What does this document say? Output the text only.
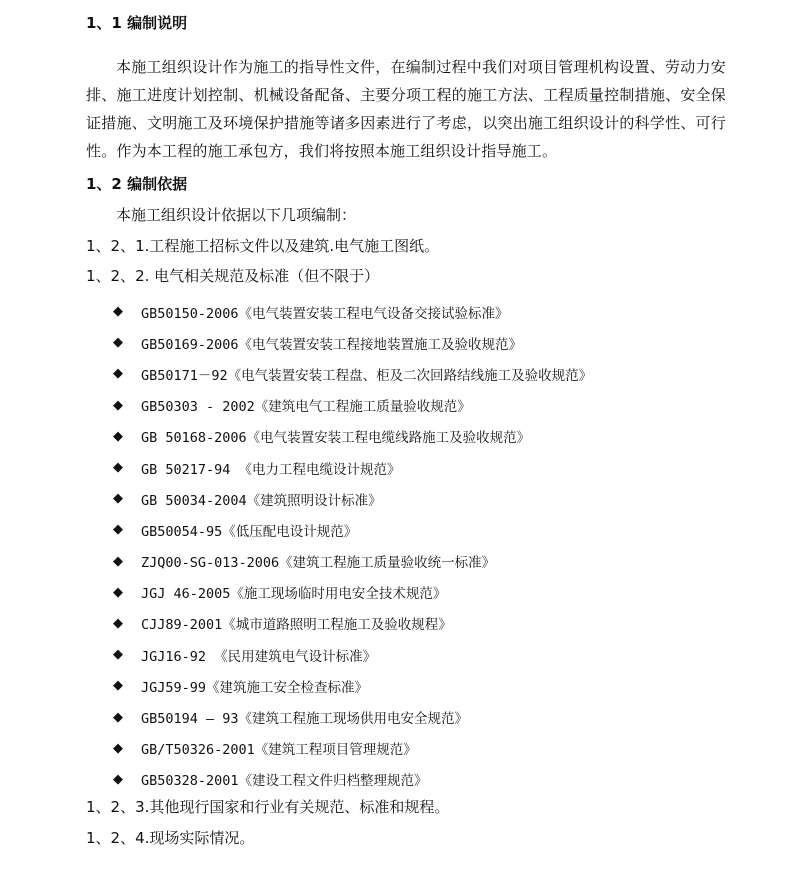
1、1 编制说明
本施工组织设计作为施工的指导性文件，在编制过程中我们对项目管理机构设置、劳动力安排、施工进度计划控制、机械设备配备、主要分项工程的施工方法、工程质量控制措施、安全保证措施、文明施工及环境保护措施等诸多因素进行了考虑，以突出施工组织设计的科学性、可行性。作为本工程的施工承包方，我们将按照本施工组织设计指导施工。
1、2 编制依据
本施工组织设计依据以下几项编制：
1、2、1.工程施工招标文件以及建筑.电气施工图纸。
1、2、2. 电气相关规范及标准（但不限于）
◆	GB50150-2006《电气装置安装工程电气设备交接试验标准》
◆	GB50169-2006《电气装置安装工程接地装置施工及验收规范》
◆	GB50171－92《电气装置安装工程盘、柜及二次回路结线施工及验收规范》
◆	GB50303 - 2002《建筑电气工程施工质量验收规范》
◆	GB 50168-2006《电气装置安装工程电缆线路施工及验收规范》
◆	GB 50217-94 《电力工程电缆设计规范》
◆	GB 50034-2004《建筑照明设计标准》
◆	GB50054-95《低压配电设计规范》
◆	ZJQ00-SG-013-2006《建筑工程施工质量验收统一标准》
◆	JGJ 46-2005《施工现场临时用电安全技术规范》
◆	CJJ89-2001《城市道路照明工程施工及验收规程》
◆	JGJ16-92 《民用建筑电气设计标准》
◆	JGJ59-99《建筑施工安全检查标准》
◆	GB50194 – 93《建筑工程施工现场供用电安全规范》
◆	GB/T50326-2001《建筑工程项目管理规范》
◆	GB50328-2001《建设工程文件归档整理规范》
1、2、3.其他现行国家和行业有关规范、标准和规程。
1、2、4.现场实际情况。
